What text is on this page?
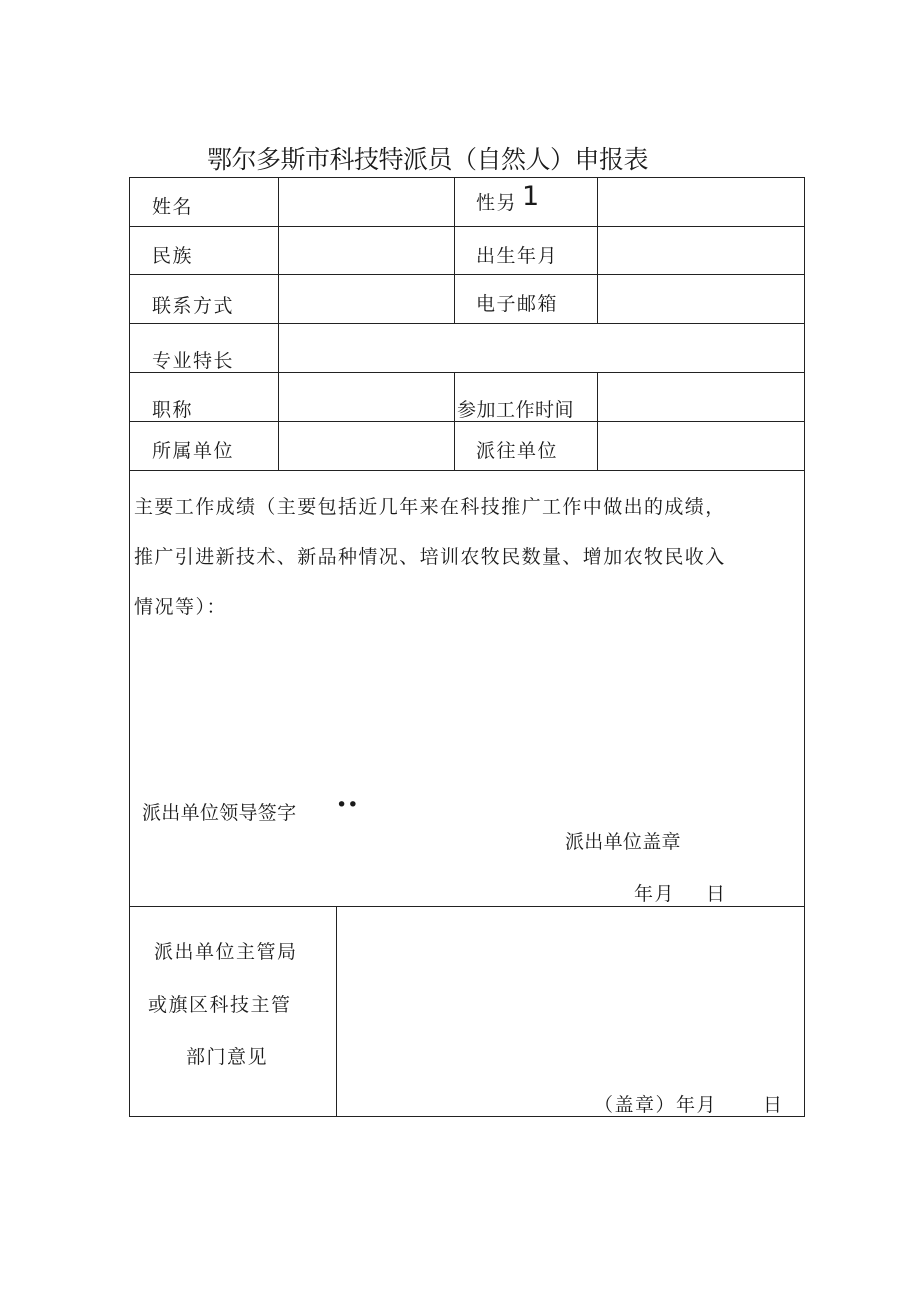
鄂尔多斯市科技特派员（自然人）申报表
姓名	性另 1
民族	出生年月
联系方式	电子邮箱
专业特长
职称	参加工作时间
所属单位	派往单位
主要工作成绩（主要包括近几年来在科技推广工作中做出的成绩，
推广引进新技术、新品种情况、培训农牧民数量、增加农牧民收入
情况等）：
派出单位领导签字 ••
派出单位盖章
年月 日
派出单位主管局
或旗区科技主管
部门意见
（盖章）年月 日
